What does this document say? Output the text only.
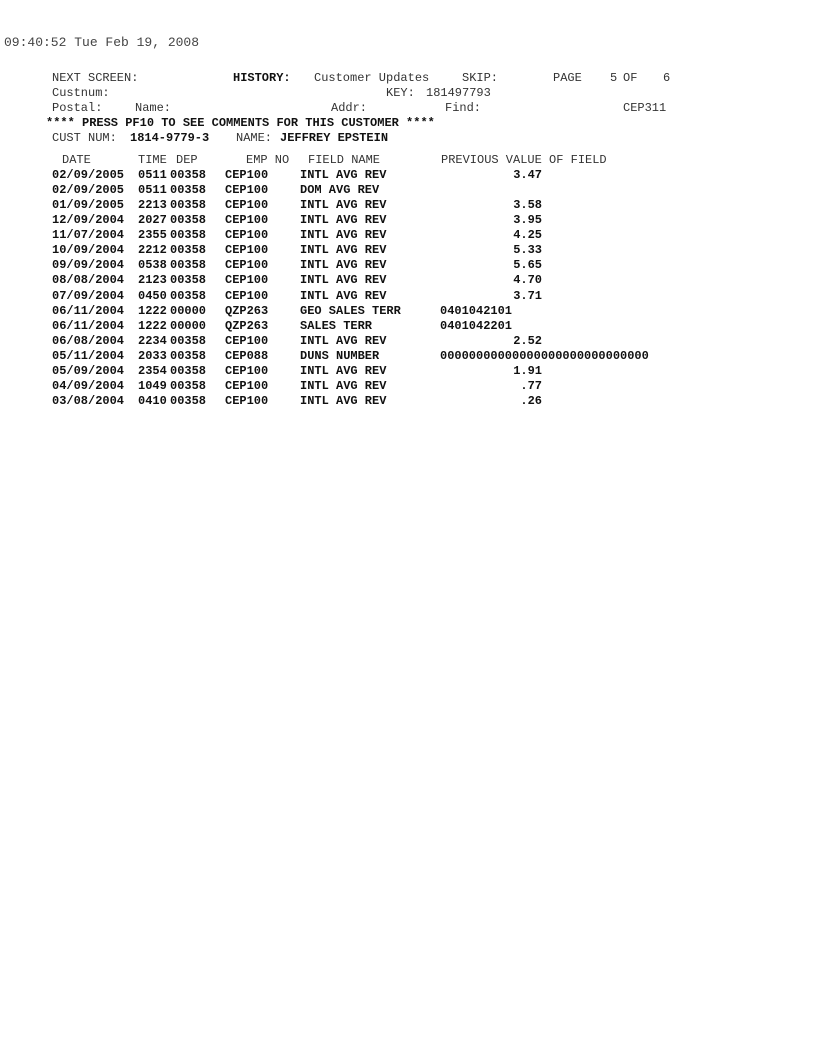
09:40:52 Tue Feb 19, 2008
NEXT SCREEN:	HISTORY: Customer Updates	SKIP:	PAGE 5 OF 6
Custnum:	KEY: 181497793
Postal:	Name:	Addr:	Find:	CEP311
**** PRESS PF10 TO SEE COMMENTS FOR THIS CUSTOMER ****
CUST NUM: 1814-9779-3 NAME: JEFFREY EPSTEIN
DATE	TIME DEP	EMP NO FIELD NAME	PREVIOUS VALUE OF FIELD
02/09/2005 0511 00358 CEP100	INTL AVG REV	3.47
02/09/2005 0511 00358 CEP100	DOM AVG REV
01/09/2005 2213 00358 CEP100	INTL AVG REV	3.58
12/09/2004 2027 00358 CEP100	INTL AVG REV	3.95
11/07/2004 2355 00358 CEP100	INTL AVG REV	4.25
10/09/2004 2212 00358 CEP100	INTL AVG REV	5.33
09/09/2004 0538 00358 CEP100	INTL AVG REV	5.65
08/08/2004 2123 00358 CEP100	INTL AVG REV	4.70
07/09/2004 0450 00358 CEP100	INTL AVG REV	3.71
06/11/2004 1222 00000 QZP263	GEO SALES TERR	0401042101
06/11/2004 1222 00000 QZP263	SALES TERR	0401042201
06/08/2004 2234 00358 CEP100	INTL AVG REV	2.52
05/11/2004 2033 00358 CEP088	DUNS NUMBER	00000000000000000000000000000
05/09/2004 2354 00358 CEP100	INTL AVG REV	1.91
04/09/2004 1049 00358 CEP100	INTL AVG REV	.77
03/08/2004 0410 00358 CEP100	INTL AVG REV	.26
